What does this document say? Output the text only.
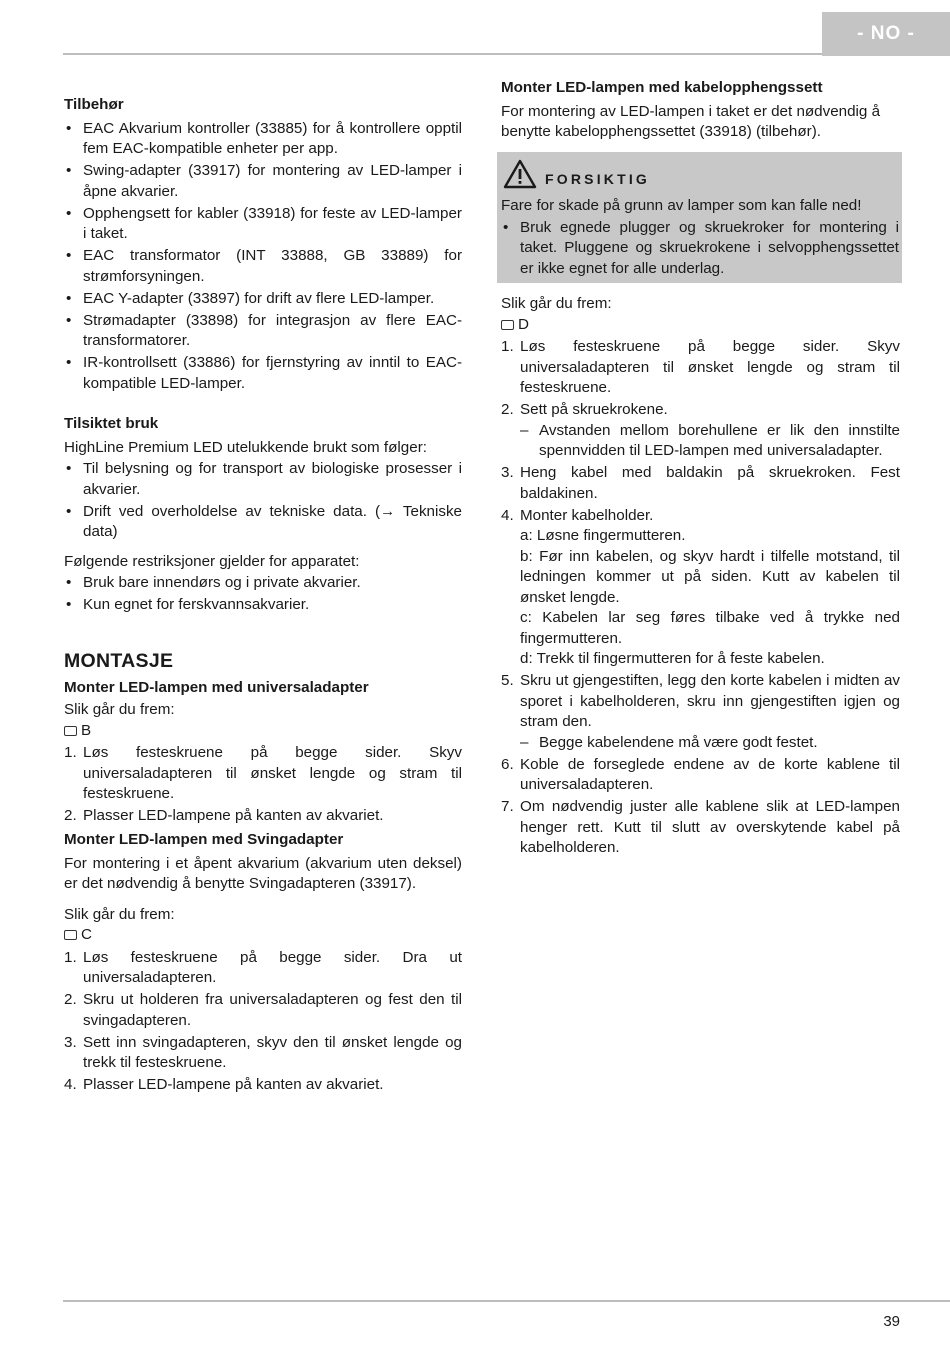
- NO -
Tilbehør
• EAC Akvarium kontroller (33885) for å kontrollere opptil fem EAC-kompatible enheter per app.
• Swing-adapter (33917) for montering av LED-lamper i åpne akvarier.
• Opphengsett for kabler (33918) for feste av LED-lamper i taket.
• EAC transformator (INT 33888, GB 33889) for strømforsyningen.
• EAC Y-adapter (33897) for drift av flere LED-lamper.
• Strømadapter (33898) for integrasjon av flere EAC-transformatorer.
• IR-kontrollsett (33886) for fjernstyring av inntil to EAC-kompatible LED-lamper.
Tilsiktet bruk

HighLine Premium LED utelukkende brukt som følger:

• Til belysning og for transport av biologiske prosesser i akvarier.
• Drift ved overholdelse av tekniske data. (→ Tekniske data)

Følgende restriksjoner gjelder for apparatet:

• Bruk bare innendørs og i private akvarier.
• Kun egnet for ferskvannsakvarier.
MONTASJE
Monter LED-lampen med universaladapter

Slik går du frem:

B
1. Løs festeskruene på begge sider. Skyv universaladapteren til ønsket lengde og stram til festeskruene.
2. Plasser LED-lampene på kanten av akvariet.
Monter LED-lampen med Svingadapter

For montering i et åpent akvarium (akvarium uten deksel) er det nødvendig å benytte Svingadapteren (33917).

Slik går du frem:

C
1. Løs festeskruene på begge sider. Dra ut universaladapteren.
2. Skru ut holderen fra universaladapteren og fest den til svingadapteren.
3. Sett inn svingadapteren, skyv den til ønsket lengde og trekk til festeskruene.
4. Plasser LED-lampene på kanten av akvariet.
Monter LED-lampen med kabelopphengssett

For montering av LED-lampen i taket er det nødvendig å benytte kabelopphengssettet (33918) (tilbehør).

FORSIKTIG

Fare for skade på grunn av lamper som kan falle ned!

• Bruk egnede plugger og skruekroker for montering i taket. Pluggene og skruekrokene i selvopphengssettet er ikke egnet for alle underlag.

Slik går du frem:

D
1. Løs festeskruene på begge sider. Skyv universaladapteren til ønsket lengde og stram til festeskruene.
2. Sett på skruekrokene.
– Avstanden mellom borehullene er lik den innstilte spennvidden til LED-lampen med universaladapter.
3. Heng kabel med baldakin på skruekroken. Fest baldakinen.
4. Monter kabelholder.
a: Løsne fingermutteren.
b: Før inn kabelen, og skyv hardt i tilfelle motstand, til ledningen kommer ut på siden. Kutt av kabelen til ønsket lengde.
c: Kabelen lar seg føres tilbake ved å trykke ned fingermutteren.
d: Trekk til fingermutteren for å feste kabelen.
5. Skru ut gjengestiften, legg den korte kabelen i midten av sporet i kabelholderen, skru inn gjengestiften igjen og stram den.
– Begge kabelendene må være godt festet.
6. Koble de forseglede endene av de korte kablene til universaladapteren.
7. Om nødvendig juster alle kablene slik at LED-lampen henger rett. Kutt til slutt av overskytende kabel på kabelholderen.
39
